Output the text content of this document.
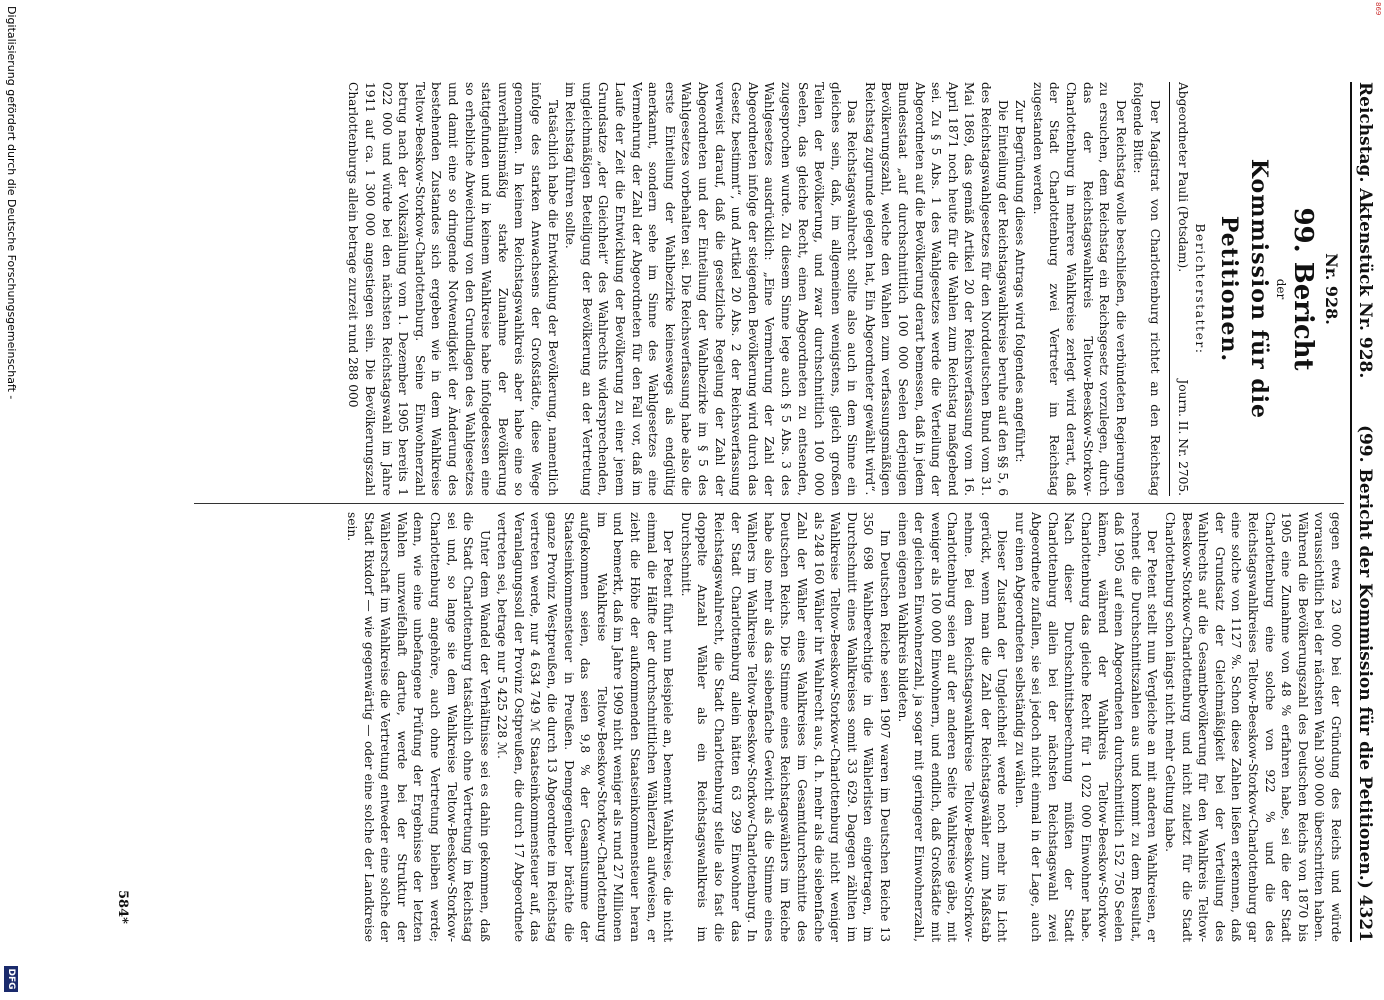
Reichstag. Aktenstück Nr. 928.
(99. Bericht der Kommission für die Petitionen.) 4321
Nr. 928.
99. Bericht
der
Kommission für die Petitionen.
Berichterstatter:
Abgeordneter Pauli (Potsdam).
Journ. II. Nr. 2705.

Der Magistrat von Charlottenburg richtet an den Reichstag folgende Bitte:

Der Reichstag wolle beschließen, die verbündeten Regierungen zu ersuchen, dem Reichstag ein Reichsgesetz vorzulegen, durch das der Reichstagswahlkreis Teltow-Beeskow-Storkow-Charlottenburg in mehrere Wahlkreise zerlegt wird derart, daß der Stadt Charlottenburg zwei Vertreter im Reichstag zugestanden werden.

Zur Begründung dieses Antrags wird folgendes angeführt:

Die Einteilung der Reichstagswahlkreise beruhe auf den §§ 5, 6 des Reichstagswahlgesetzes für den Norddeutschen Bund vom 31. Mai 1869, das gemäß Artikel 20 der Reichsverfassung vom 16. April 1871 noch heute für die Wahlen zum Reichstag maßgebend sei. Zu § 5 Abs. 1 des Wahlgesetzes werde die Verteilung der Abgeordneten auf die Bevölkerung derart bemessen, daß in jedem Bundesstaat „auf durchschnittlich 100 000 Seelen derjenigen Bevölkerungszahl, welche den Wahlen zum verfassungsmäßigen Reichstag zugrunde gelegen hat, Ein Abgeordneter gewählt wird“.

Das Reichstagswahlrecht sollte also auch in dem Sinne ein gleiches sein, daß, im allgemeinen wenigstens, gleich großen Teilen der Bevölkerung, und zwar durchschnittlich 100 000 Seelen, das gleiche Recht, einen Abgeordneten zu entsenden, zugesprochen wurde. Zu diesem Sinne lege auch § 5 Abs. 3 des Wahlgesetzes ausdrücklich: „Eine Vermehrung der Zahl der Abgeordneten infolge der steigenden Bevölkerung wird durch das Gesetz bestimmt“, und Artikel 20 Abs. 2 der Reichsverfassung verweist darauf, daß die gesetzliche Regelung der Zahl der Abgeordneten und der Einteilung der Wahlbezirke im § 5 des Wahlgesetzes vorbehalten sei. Die Reichsverfassung habe also die erste Einteilung der Wahlbezirke keineswegs als endgültig anerkannt, sondern sehe im Sinne des Wahlgesetzes eine Vermehrung der Zahl der Abgeordneten für den Fall vor, daß im Laufe der Zeit die Entwicklung der Bevölkerung zu einer jenem Grundsatze „der Gleichheit“ des Wahlrechts widersprechenden, ungleichmäßigen Beteiligung der Bevölkerung an der Vertretung im Reichstag führen sollte.

Tatsächlich habe die Entwicklung der Bevölkerung, namentlich infolge des starken Anwachsens der Großstädte, diese Wege genommen. In keinem Reichstagswahlkreis aber habe eine so unverhältnismäßig starke Zunahme der Bevölkerung stattgefunden und in keinem Wahlkreise habe infolgedessen eine so erhebliche Abweichung von den Grundlagen des Wahlgesetzes und damit eine so dringende Notwendigkeit der Änderung des bestehenden Zustandes sich ergeben wie in dem Wahlkreise Teltow-Beeskow-Storkow-Charlottenburg. Seine Einwohnerzahl betrug nach der Volkszählung vom 1. Dezember 1905 bereits 1 022 000 und würde bei den nächsten Reichstagswahl im Jahre 1911 auf ca. 1 300 000 angestiegen sein. Die Bevölkerungszahl Charlottenburgs allein betrage zurzeit rund 288 000

gegen etwa 23 000 bei der Gründung des Reichs und würde voraussichtlich bei der nächsten Wahl 300 000 überschritten haben. Während die Bevölkerungszahl des Deutschen Reichs von 1870 bis 1905 eine Zunahme von 48 % erfahren habe, sei die der Stadt Charlottenburg eine solche von 922 % und die des Reichstagswahlkreises Teltow-Beeskow-Storkow-Charlottenburg gar eine solche von 1127 %. Schon diese Zahlen ließen erkennen, daß der Grundsatz der Gleichmäßigkeit bei der Verteilung des Wahlrechts auf die Gesamtbevölkerung für den Wahlkreis Teltow-Beeskow-Storkow-Charlottenburg und nicht zuletzt für die Stadt Charlottenburg schon längst nicht mehr Geltung habe.

Der Petent stellt nun Vergleiche an mit anderen Wahlkreisen, er rechnet die Durchschnittszahlen aus und kommt zu dem Resultat, daß 1905 auf einen Abgeordneten durchschnittlich 152 750 Seelen kämen, während der Wahlkreis Teltow-Beeskow-Storkow-Charlottenburg das gleiche Recht für 1 022 000 Einwohner habe. Nach dieser Durchschnittsberechnung müßten der Stadt Charlottenburg allein bei der nächsten Reichstagswahl zwei Abgeordnete zufallen, sie sei jedoch nicht einmal in der Lage, auch nur einen Abgeordneten selbständig zu wählen.

Dieser Zustand der Ungleichheit werde noch mehr ins Licht gerückt, wenn man die Zahl der Reichstagswähler zum Maßstab nehme. Bei dem Reichstagswahlkreise Teltow-Beeskow-Storkow-Charlottenburg seien auf der anderen Seite Wahlkreise gäbe, mit weniger als 100 000 Einwohnern, und endlich, daß Großstädte mit der gleichen Einwohnerzahl, ja sogar mit geringerer Einwohnerzahl, einen eigenen Wahlkreis bildeten.

Im Deutschen Reiche seien 1907 waren im Deutschen Reiche 13 350 698 Wahlberechtigte in die Wählerlisten eingetragen, im Durchschnitt eines Wahlkreises somit 33 629. Dagegen zählten im Wahlkreise Teltow-Beeskow-Storkow-Charlottenburg nicht weniger als 248 160 Wähler ihr Wahlrecht aus, d. h. mehr als die siebenfache Zahl der Wähler eines Wahlkreises im Gesamtdurchschnitte des Deutschen Reichs. Die Stimme eines Reichstagswählers im Reiche habe also mehr als das siebenfache Gewicht als die Stimme eines Wählers im Wahlkreise Teltow-Beeskow-Storkow-Charlottenburg. In der Stadt Charlottenburg allein hätten 63 299 Einwohner das Reichstagswahlrecht, die Stadt Charlottenburg stelle also fast die doppelte Anzahl Wähler als ein Reichstagswahlkreis im Durchschnitt.

Der Petent führt nun Beispiele an, benennt Wahlkreise, die nicht einmal die Hälfte der durchschnittlichen Wählerzahl aufweisen, er zieht die Höhe der aufkommenden Staatseinkommensteuer heran und bemerkt, daß im Jahre 1909 nicht weniger als rund 27 Millionen im Wahlkreise Teltow-Beeskow-Storkow-Charlottenburg aufgekommen seien, das seien 9,8 % der Gesamtsumme der Staatseinkommensteuer in Preußen. Demgegenüber brächte die ganze Provinz Westpreußen, die durch 13 Abgeordnete im Reichstag vertreten werde, nur 4 634 749 ℳ Staatseinkommensteuer auf, das Veranlagungssoll der Provinz Ostpreußen, die durch 17 Abgeordnete vertreten sei, betrage nur 5 425 228 ℳ.

Unter dem Wandel der Verhältnisse sei es dahin gekommen, daß die Stadt Charlottenburg tatsächlich ohne Vertretung im Reichstag sei und, so lange sie dem Wahlkreise Teltow-Beeskow-Storkow-Charlottenburg angehöre, auch ohne Vertretung bleiben werde; denn, wie eine unbefangene Prüfung der Ergebnisse der letzten Wahlen unzweifelhaft dartue, werde bei der Struktur der Wählerschaft im Wahlkreise die Vertretung entweder eine solche der Stadt Rixdorf — wie gegenwärtig — oder eine solche der Landkreise sein.

584*
Digitalisierung gefördert durch die Deutsche Forschungsgemeinschaft -
DFG
869
